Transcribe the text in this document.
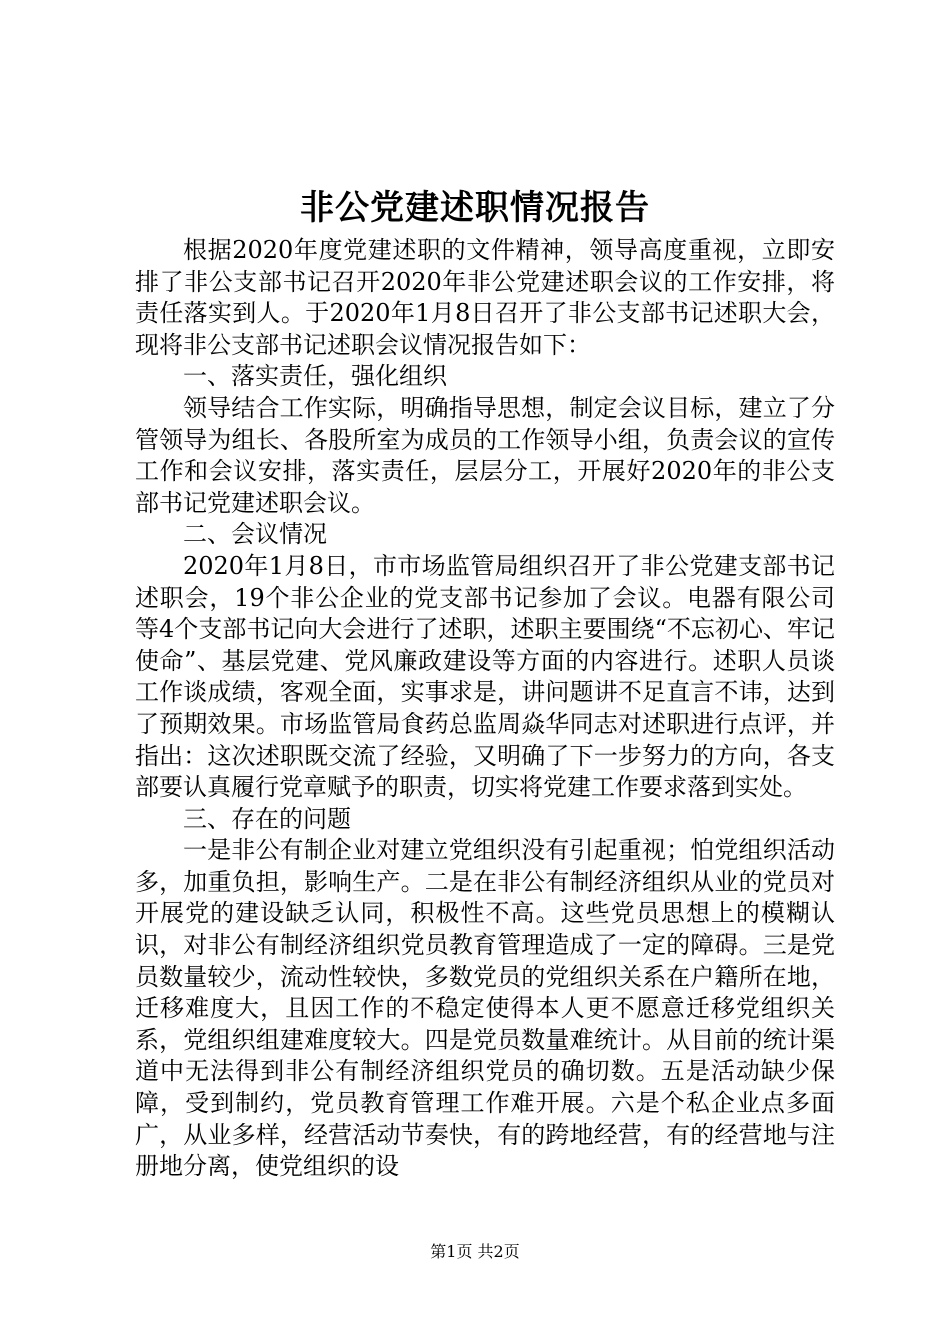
非公党建述职情况报告

根据2020年度党建述职的文件精神，领导高度重视，立即安排了非公支部书记召开2020年非公党建述职会议的工作安排，将责任落实到人。于2020年1月8日召开了非公支部书记述职大会，现将非公支部书记述职会议情况报告如下：

一、落实责任，强化组织

领导结合工作实际，明确指导思想，制定会议目标，建立了分管领导为组长、各股所室为成员的工作领导小组，负责会议的宣传工作和会议安排，落实责任，层层分工，开展好2020年的非公支部书记党建述职会议。

二、会议情况

2020年1月8日，市市场监管局组织召开了非公党建支部书记述职会，19个非公企业的党支部书记参加了会议。电器有限公司等4个支部书记向大会进行了述职，述职主要围绕“不忘初心、牢记使命”、基层党建、党风廉政建设等方面的内容进行。述职人员谈工作谈成绩，客观全面，实事求是，讲问题讲不足直言不讳，达到了预期效果。市场监管局食药总监周焱华同志对述职进行点评，并指出：这次述职既交流了经验，又明确了下一步努力的方向，各支部要认真履行党章赋予的职责，切实将党建工作要求落到实处。

三、存在的问题

一是非公有制企业对建立党组织没有引起重视；怕党组织活动多，加重负担，影响生产。二是在非公有制经济组织从业的党员对开展党的建设缺乏认同，积极性不高。这些党员思想上的模糊认识，对非公有制经济组织党员教育管理造成了一定的障碍。三是党员数量较少，流动性较快，多数党员的党组织关系在户籍所在地，迁移难度大，且因工作的不稳定使得本人更不愿意迁移党组织关系，党组织组建难度较大。四是党员数量难统计。从目前的统计渠道中无法得到非公有制经济组织党员的确切数。五是活动缺少保障，受到制约，党员教育管理工作难开展。六是个私企业点多面广，从业多样，经营活动节奏快，有的跨地经营，有的经营地与注册地分离，使党组织的设

第1页 共2页
